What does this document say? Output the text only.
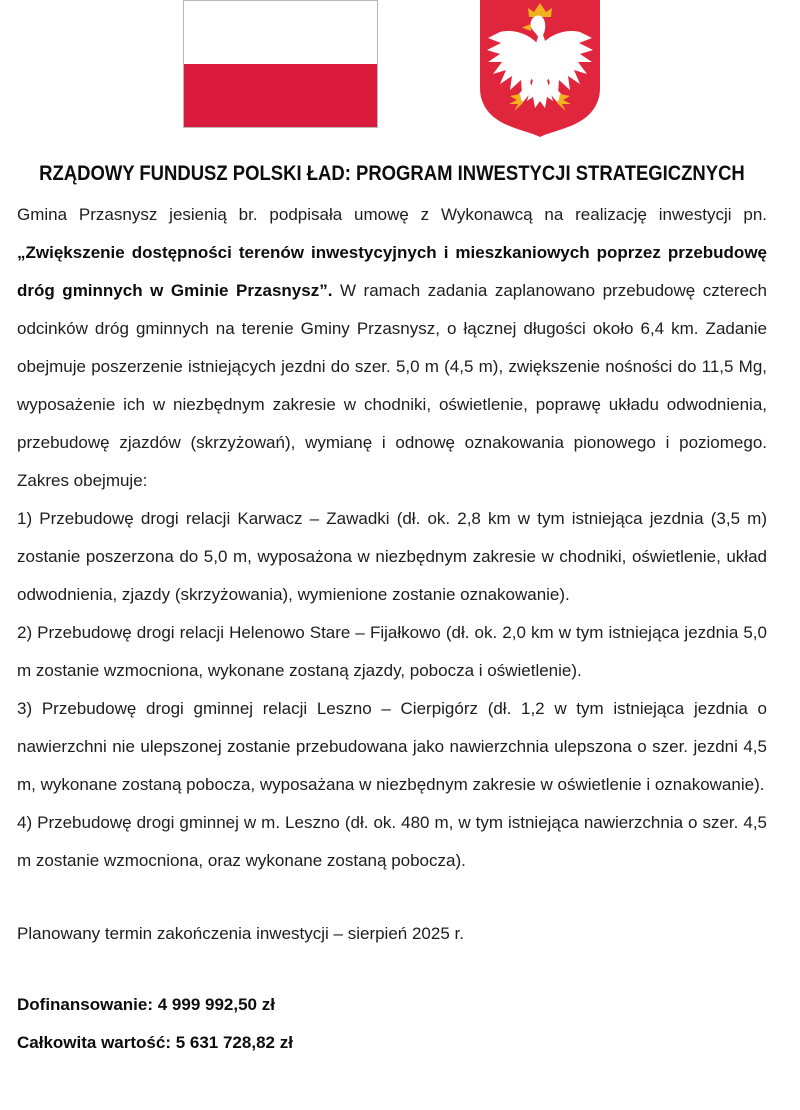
RZĄDOWY FUNDUSZ POLSKI ŁAD: PROGRAM INWESTYCJI STRATEGICZNYCH

Gmina Przasnysz jesienią br. podpisała umowę z Wykonawcą na realizację inwestycji pn. „Zwiększenie dostępności terenów inwestycyjnych i mieszkaniowych poprzez przebudowę dróg gminnych w Gminie Przasnysz”. W ramach zadania zaplanowano przebudowę czterech odcinków dróg gminnych na terenie Gminy Przasnysz, o łącznej długości około 6,4 km. Zadanie obejmuje poszerzenie istniejących jezdni do szer. 5,0 m (4,5 m), zwiększenie nośności do 11,5 Mg, wyposażenie ich w niezbędnym zakresie w chodniki, oświetlenie, poprawę układu odwodnienia, przebudowę zjazdów (skrzyżowań), wymianę i odnowę oznakowania pionowego i poziomego.

Zakres obejmuje:

1) Przebudowę drogi relacji Karwacz – Zawadki (dł. ok. 2,8 km w tym istniejąca jezdnia (3,5 m) zostanie poszerzona do 5,0 m, wyposażona w niezbędnym zakresie w chodniki, oświetlenie, układ odwodnienia, zjazdy (skrzyżowania), wymienione zostanie oznakowanie).

2) Przebudowę drogi relacji Helenowo Stare – Fijałkowo (dł. ok. 2,0 km w tym istniejąca jezdnia 5,0 m zostanie wzmocniona, wykonane zostaną zjazdy, pobocza i oświetlenie).

3) Przebudowę drogi gminnej relacji Leszno – Cierpigórz (dł. 1,2 w tym istniejąca jezdnia o nawierzchni nie ulepszonej zostanie przebudowana jako nawierzchnia ulepszona o szer. jezdni 4,5 m, wykonane zostaną pobocza, wyposażana w niezbędnym zakresie w oświetlenie i oznakowanie).

4) Przebudowę drogi gminnej w m. Leszno (dł. ok. 480 m, w tym istniejąca nawierzchnia o szer. 4,5 m zostanie wzmocniona, oraz wykonane zostaną pobocza).

Planowany termin zakończenia inwestycji – sierpień 2025 r.

Dofinansowanie: 4 999 992,50 zł

Całkowita wartość: 5 631 728,82 zł
